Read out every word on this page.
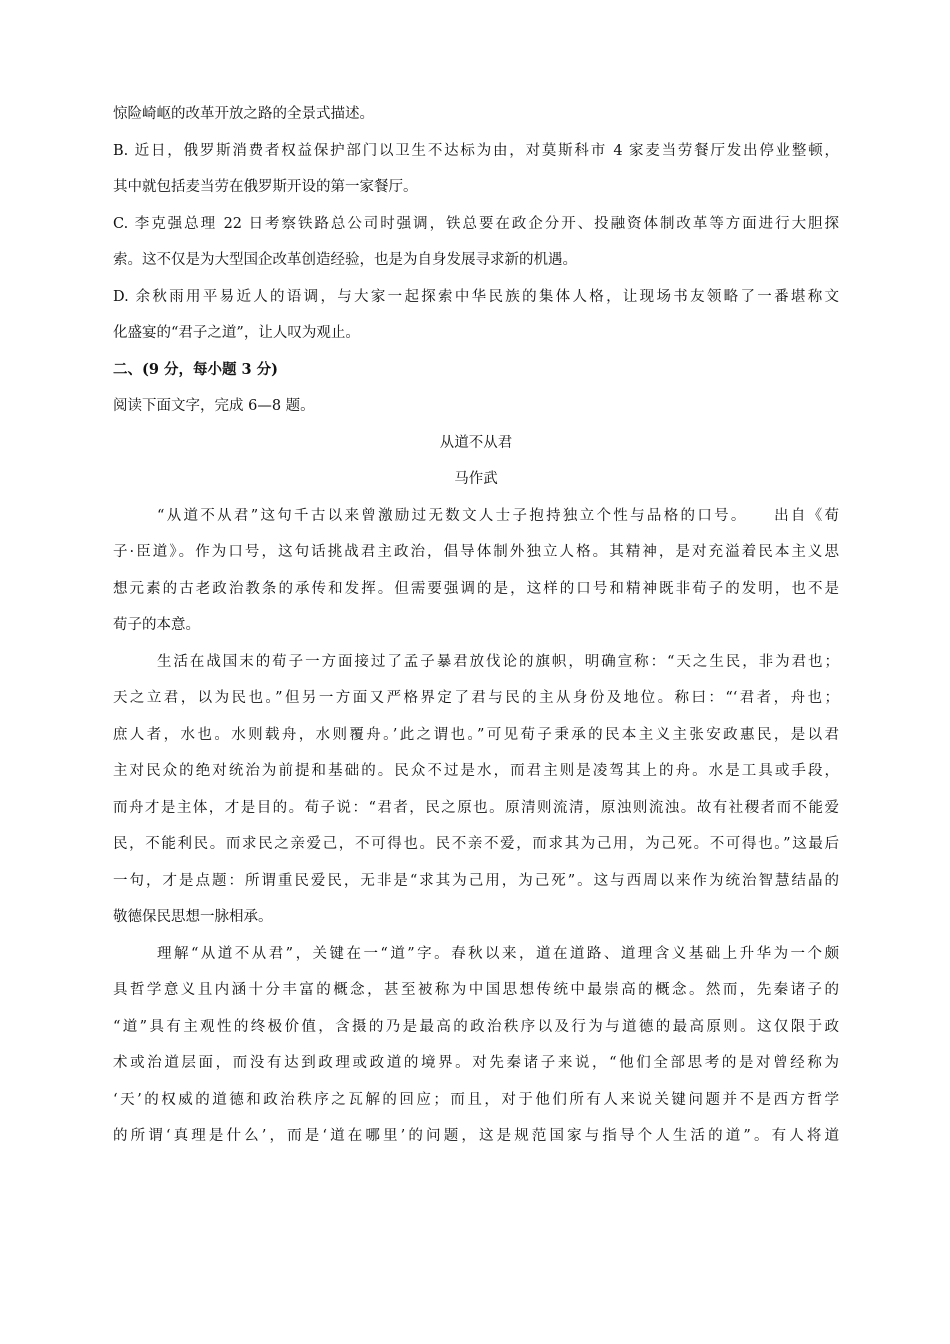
惊险崎岖的改革开放之路的全景式描述。
B. 近日，俄罗斯消费者权益保护部门以卫生不达标为由，对莫斯科市 4 家麦当劳餐厅发出停业整顿，
其中就包括麦当劳在俄罗斯开设的第一家餐厅。
C. 李克强总理 22 日考察铁路总公司时强调，铁总要在政企分开、投融资体制改革等方面进行大胆探
索。这不仅是为大型国企改革创造经验，也是为自身发展寻求新的机遇。
D. 余秋雨用平易近人的语调，与大家一起探索中华民族的集体人格，让现场书友领略了一番堪称文
化盛宴的“君子之道”，让人叹为观止。
二、(9 分，每小题 3 分)
阅读下面文字，完成 6—8 题。
从道不从君
马作武
“从道不从君”这句千古以来曾激励过无数文人士子抱持独立个性与品格的口号。　　出自《荀
子·臣道》。作为口号，这句话挑战君主政治，倡导体制外独立人格。其精神，是对充溢着民本主义思
想元素的古老政治教条的承传和发挥。但需要强调的是，这样的口号和精神既非荀子的发明，也不是
荀子的本意。
生活在战国末的荀子一方面接过了孟子暴君放伐论的旗帜，明确宣称：“天之生民，非为君也；
天之立君，以为民也。”但另一方面又严格界定了君与民的主从身份及地位。称曰：“‘君者，舟也；
庶人者，水也。水则载舟，水则覆舟。’此之谓也。”可见荀子秉承的民本主义主张安政惠民，是以君
主对民众的绝对统治为前提和基础的。民众不过是水，而君主则是凌驾其上的舟。水是工具或手段，
而舟才是主体，才是目的。荀子说：“君者，民之原也。原清则流清，原浊则流浊。故有社稷者而不能爱
民，不能利民。而求民之亲爱己，不可得也。民不亲不爱，而求其为己用，为己死。不可得也。”这最后
一句，才是点题：所谓重民爱民，无非是“求其为己用，为己死”。这与西周以来作为统治智慧结晶的
敬德保民思想一脉相承。
理解“从道不从君”，关键在一“道”字。春秋以来，道在道路、道理含义基础上升华为一个颇
具哲学意义且内涵十分丰富的概念，甚至被称为中国思想传统中最崇高的概念。然而，先秦诸子的
“道”具有主观性的终极价值，含摄的乃是最高的政治秩序以及行为与道德的最高原则。这仅限于政
术或治道层面，而没有达到政理或政道的境界。对先秦诸子来说，“他们全部思考的是对曾经称为
‘天’的权威的道德和政治秩序之瓦解的回应；而且，对于他们所有人来说关键问题并不是西方哲学
的所谓‘真理是什么’，而是‘道在哪里’的问题，这是规范国家与指导个人生活的道”。有人将道
